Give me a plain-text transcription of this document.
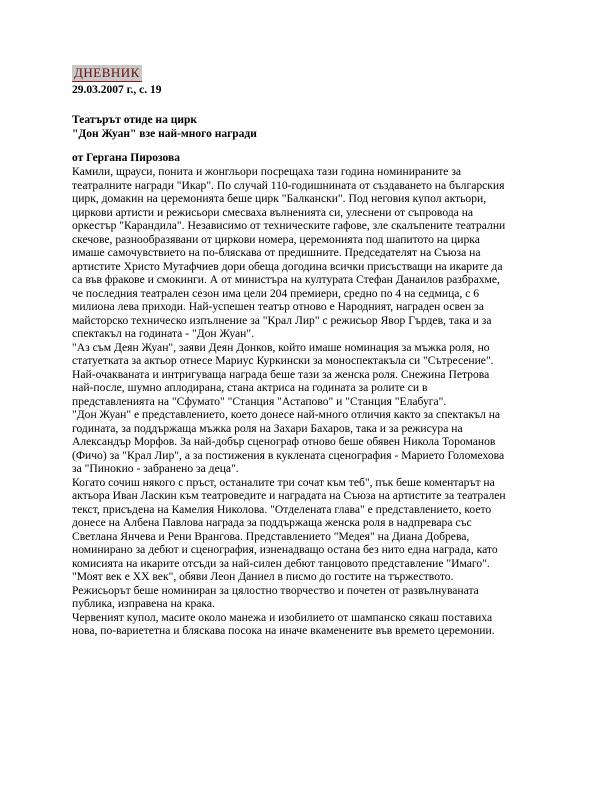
ДНЕВНИК
29.03.2007 г., с. 19
Театърът отиде на цирк
"Дон Жуан" взе най-много награди
от Гергана Пирозова

Камили, щрауси, понита и жонгльори посрещаха тази година номинираните за

театралните награди "Икар". По случай 110-годишнината от създаването на българския

цирк, домакин на церемонията беше цирк "Балкански". Под неговия купол актьори,

циркови артисти и режисьори смесваха вълненията си, улеснени от съпровода на

оркестър "Карандила". Независимо от техническите гафове, зле скалъпените театрални

скечове, разнообразявани от циркови номера, церемонията под шапитото на цирка

имаше самочувствието на по-бляскава от предишните. Председателят на Съюза на

артистите Христо Мутафчиев дори обеща догодина всички присъстващи на икарите да

са във фракове и смокинги. А от министъра на културата Стефан Данаилов разбрахме,

че последния театрален сезон има цели 204 премиери, средно по 4 на седмица, с 6

милиона лева приходи. Най-успешен театър отново е Народният, награден освен за

майсторско техническо изпълнение за "Крал Лир" с режисьор Явор Гърдев, така и за

спектакъл на годината - "Дон Жуан".

"Аз съм Деян Жуан", заяви Деян Донков, който имаше номинация за мъжка роля, но

статуетката за актьор отнесе Мариус Куркински за моноспектакъла си "Сътресение".

Най-очакваната и интригуваща награда беше тази за женска роля. Снежина Петрова

най-после, шумно аплодирана, стана актриса на годината за ролите си в

представленията на "Сфумато" "Станция "Астапово" и "Станция "Елабуга".

"Дон Жуан" е представлението, което донесе най-много отличия както за спектакъл на

годината, за поддържаща мъжка роля на Захари Бахаров, така и за режисура на

Александър Морфов. За най-добър сценограф отново беше обявен Никола Тороманов

(Фичо) за "Крал Лир", а за постижения в куклената сценография - Марието Голомехова

за "Пинокио - забранено за деца".

Когато сочиш някого с пръст, останалите три сочат към теб", пък беше коментарът на

актьора Иван Ласкин към театроведите и наградата на Съюза на артистите за театрален

текст, присъдена на Камелия Николова. "Отделената глава" е представлението, което

донесе на Албена Павлова награда за поддържаща женска роля в надпревара със

Светлана Янчева и Рени Врангова. Представлението "Медея" на Диана Добрева,

номинирано за дебют и сценография, изненадващо остана без нито една награда, като

комисията на икарите отсъди за най-силен дебют танцовото представление "Имаго".

"Моят век е ХХ век", обяви Леон Даниел в писмо до гостите на тържеството.

Режисьорът беше номиниран за цялостно творчество и почетен от развълнуваната

публика, изправена на крака.

Червеният купол, масите около манежа и изобилието от шампанско сякаш поставиха

нова, по-вариететна и бляскава посока на иначе вкаменените във времето церемонии.
